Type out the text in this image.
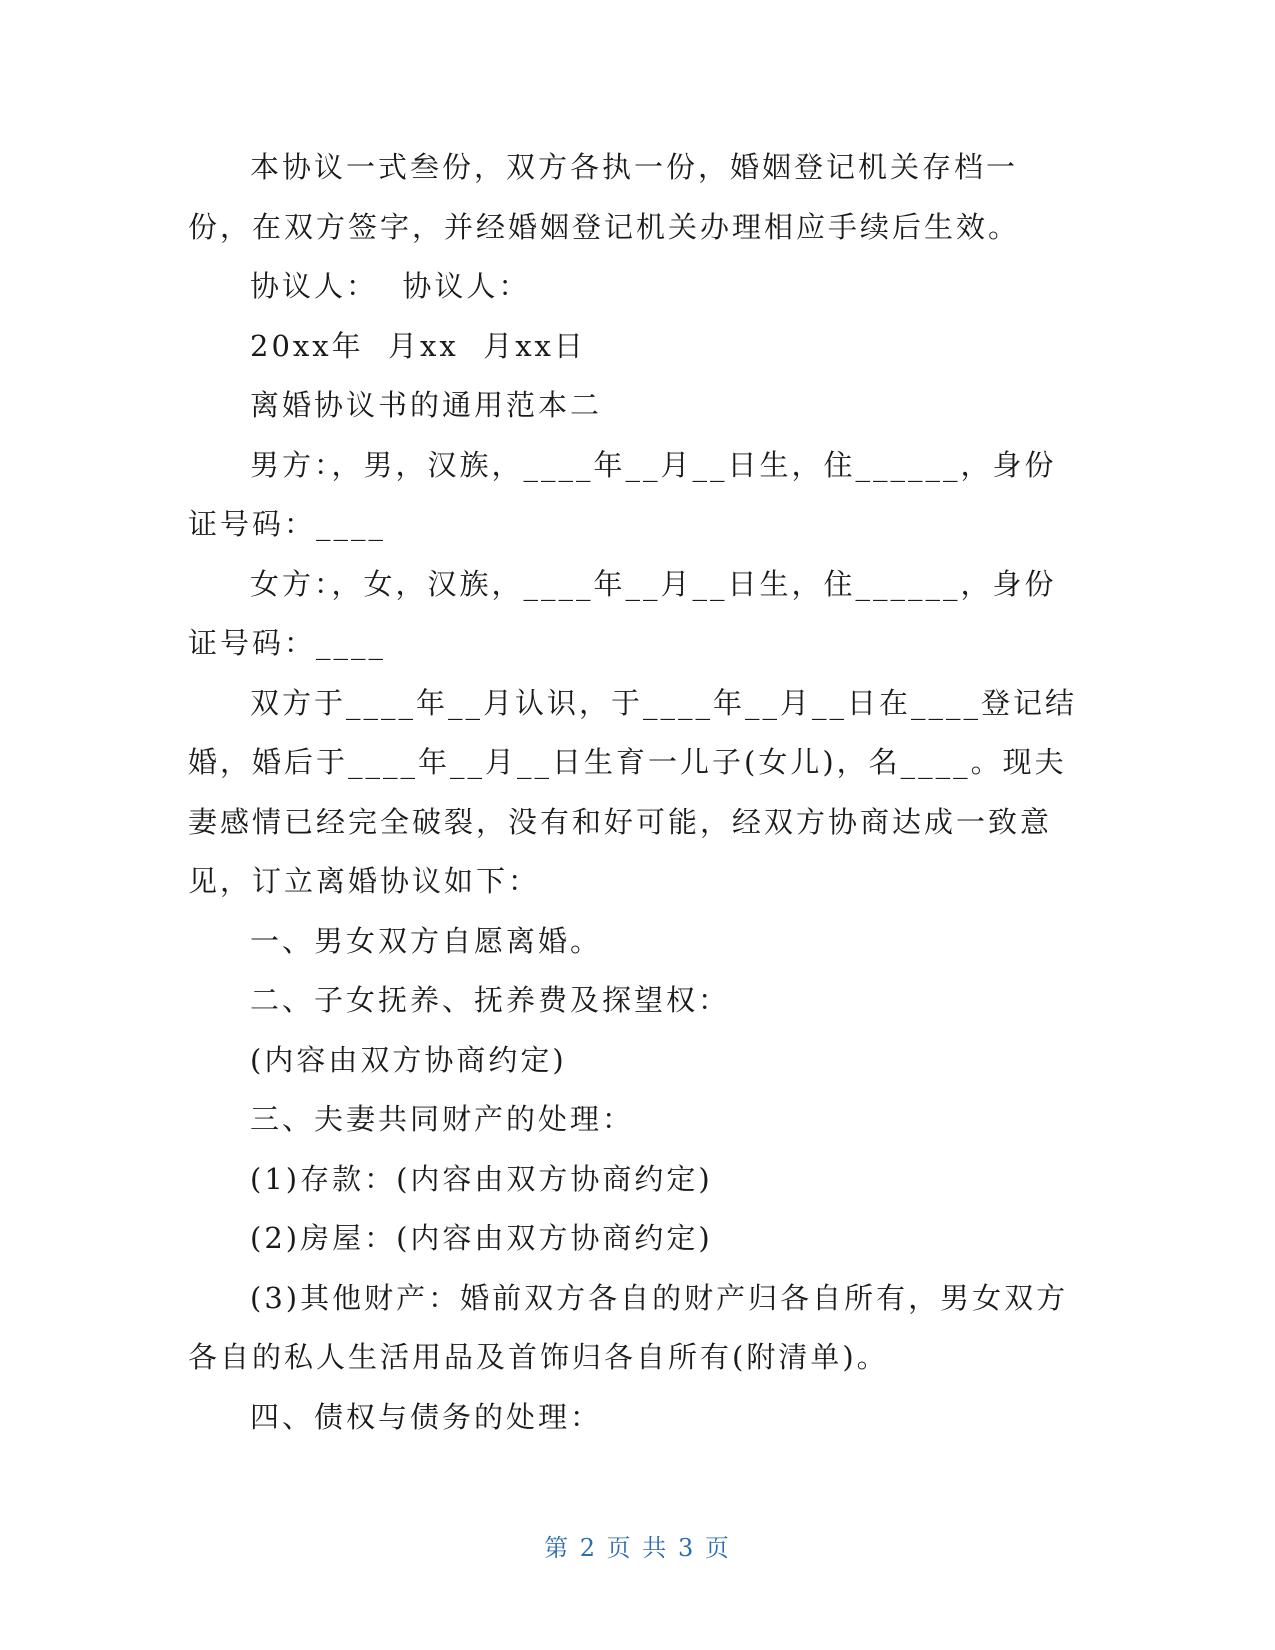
本协议一式叁份，双方各执一份，婚姻登记机关存档一份，在双方签字，并经婚姻登记机关办理相应手续后生效。

协议人：  协议人：

20xx年  月xx  月xx日

离婚协议书的通用范本二

男方：，男，汉族，____年__月__日生，住______，身份证号码：____

女方：，女，汉族，____年__月__日生，住______，身份证号码：____

双方于____年__月认识，于____年__月__日在____登记结婚，婚后于____年__月__日生育一儿子(女儿)，名____。现夫妻感情已经完全破裂，没有和好可能，经双方协商达成一致意见，订立离婚协议如下：

一、男女双方自愿离婚。

二、子女抚养、抚养费及探望权：

(内容由双方协商约定)

三、夫妻共同财产的处理：

(1)存款：(内容由双方协商约定)

(2)房屋：(内容由双方协商约定)

(3)其他财产：婚前双方各自的财产归各自所有，男女双方各自的私人生活用品及首饰归各自所有(附清单)。

四、债权与债务的处理：

第 2 页 共 3 页
